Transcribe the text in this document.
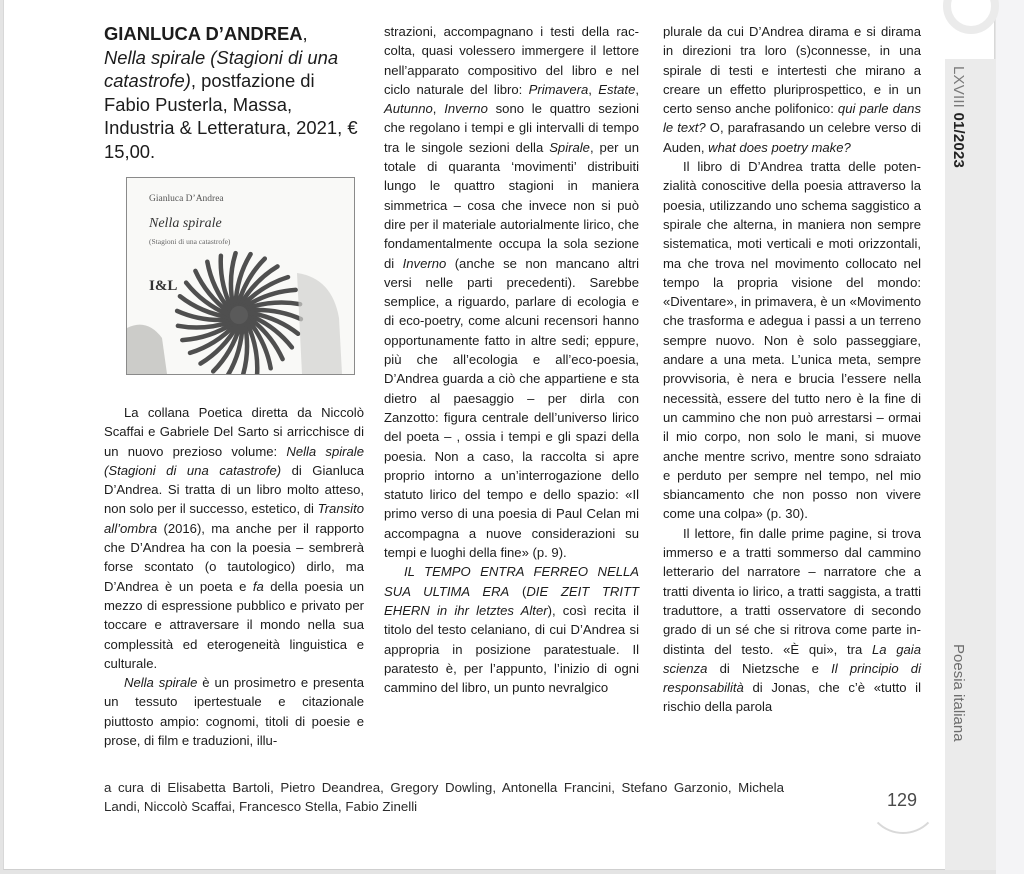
LXVIII 01/2023
Poesia italiana
GIANLUCA D’ANDREA,
Nella spirale (Stagioni di una catastrofe), postfazione di Fabio Pusterla, Massa, Industria & Letteratura, 2021, € 15,00.
Gianluca D’Andrea
Nella spirale
(Stagioni di una catastrofe)
I&L

La collana Poetica diretta da Niccolò Scaffai e Gabriele Del Sarto si arricchisce di un nuovo prezioso volume: Nella spirale (Stagioni di una catastrofe) di Gianluca D’Andrea. Si tratta di un libro molto atteso, non solo per il successo, estetico, di Transito all’ombra (2016), ma anche per il rapporto che D’Andrea ha con la poesia – sembrerà forse scontato (o tautologico) dirlo, ma D’Andrea è un poeta e fa della poesia un mezzo di espressione pubblico e privato per toccare e attraversare il mondo nella sua complessità ed eterogeneità linguistica e culturale.

Nella spirale è un prosimetro e presenta un tessuto ipertestuale e citazionale piuttosto ampio: cognomi, titoli di poesie e prose, di film e traduzioni, illu-

strazioni, accompagnano i testi della raccolta, quasi volessero immergere il lettore nell’apparato compositivo del libro e nel ciclo naturale del libro: Primavera, Estate, Autunno, Inverno sono le quattro sezioni che regolano i tempi e gli intervalli di tempo tra le singole sezioni della Spirale, per un totale di quaranta ‘movimenti’ distribuiti lungo le quattro stagioni in maniera simmetrica – cosa che invece non si può dire per il materiale autorialmente lirico, che fondamentalmente occupa la sola sezione di Inverno (anche se non mancano altri versi nelle parti precedenti). Sarebbe semplice, a riguardo, parlare di ecologia e di eco-poetry, come alcuni recensori hanno opportunamente fatto in altre sedi; eppure, più che all’ecologia e all’eco-poesia, D’Andrea guarda a ciò che appartiene e sta dietro al paesaggio – per dirla con Zanzotto: figura centrale dell’universo lirico del poeta – , ossia i tempi e gli spazi della poesia. Non a caso, la raccolta si apre proprio intorno a un’interrogazione dello statuto lirico del tempo e dello spazio: «Il primo verso di una poesia di Paul Celan mi accompagna a nuove considerazioni su tempi e luoghi della fine» (p. 9).

IL TEMPO ENTRA FERREO NELLA SUA ULTIMA ERA (DIE ZEIT TRITT EHERN in ihr letztes Alter), così recita il titolo del testo celaniano, di cui D’Andrea si appropria in posizione paratestuale. Il paratesto è, per l’appunto, l’inizio di ogni cammino del libro, un punto nevralgico

plurale da cui D’Andrea dirama e si dirama in direzioni tra loro (s)connesse, in una spirale di testi e intertesti che mirano a creare un effetto pluriprospettico, e in un certo senso anche polifonico: qui parle dans le text? O, parafrasando un celebre verso di Auden, what does poetry make?

Il libro di D’Andrea tratta delle potenzialità conoscitive della poesia attraverso la poesia, utilizzando uno schema saggistico a spirale che alterna, in maniera non sempre sistematica, moti verticali e moti orizzontali, ma che trova nel movimento collocato nel tempo la propria visione del mondo: «Diventare», in primavera, è un «Movimento che trasforma e adegua i passi a un terreno sempre nuovo. Non è solo passeggiare, andare a una meta. L’unica meta, sempre provvisoria, è nera e brucia l’essere nella necessità, essere del tutto nero è la fine di un cammino che non può arrestarsi – ormai il mio corpo, non solo le mani, si muove anche mentre scrivo, mentre sono sdraiato e perduto per sempre nel tempo, nel mio sbiancamento che non posso non vivere come una colpa» (p. 30).

Il lettore, fin dalle prime pagine, si trova immerso e a tratti sommerso dal cammino letterario del narratore – narratore che a tratti diventa io lirico, a tratti saggista, a tratti traduttore, a tratti osservatore di secondo grado di un sé che si ritrova come parte indistinta del testo. «È qui», tra La gaia scienza di Nietzsche e Il principio di responsabilità di Jonas, che c’è «tutto il rischio della parola

a cura di Elisabetta Bartoli, Pietro Deandrea, Gregory Dowling, Antonella Francini, Stefano Garzonio, Michela Landi, Niccolò Scaffai, Francesco Stella, Fabio Zinelli	129
